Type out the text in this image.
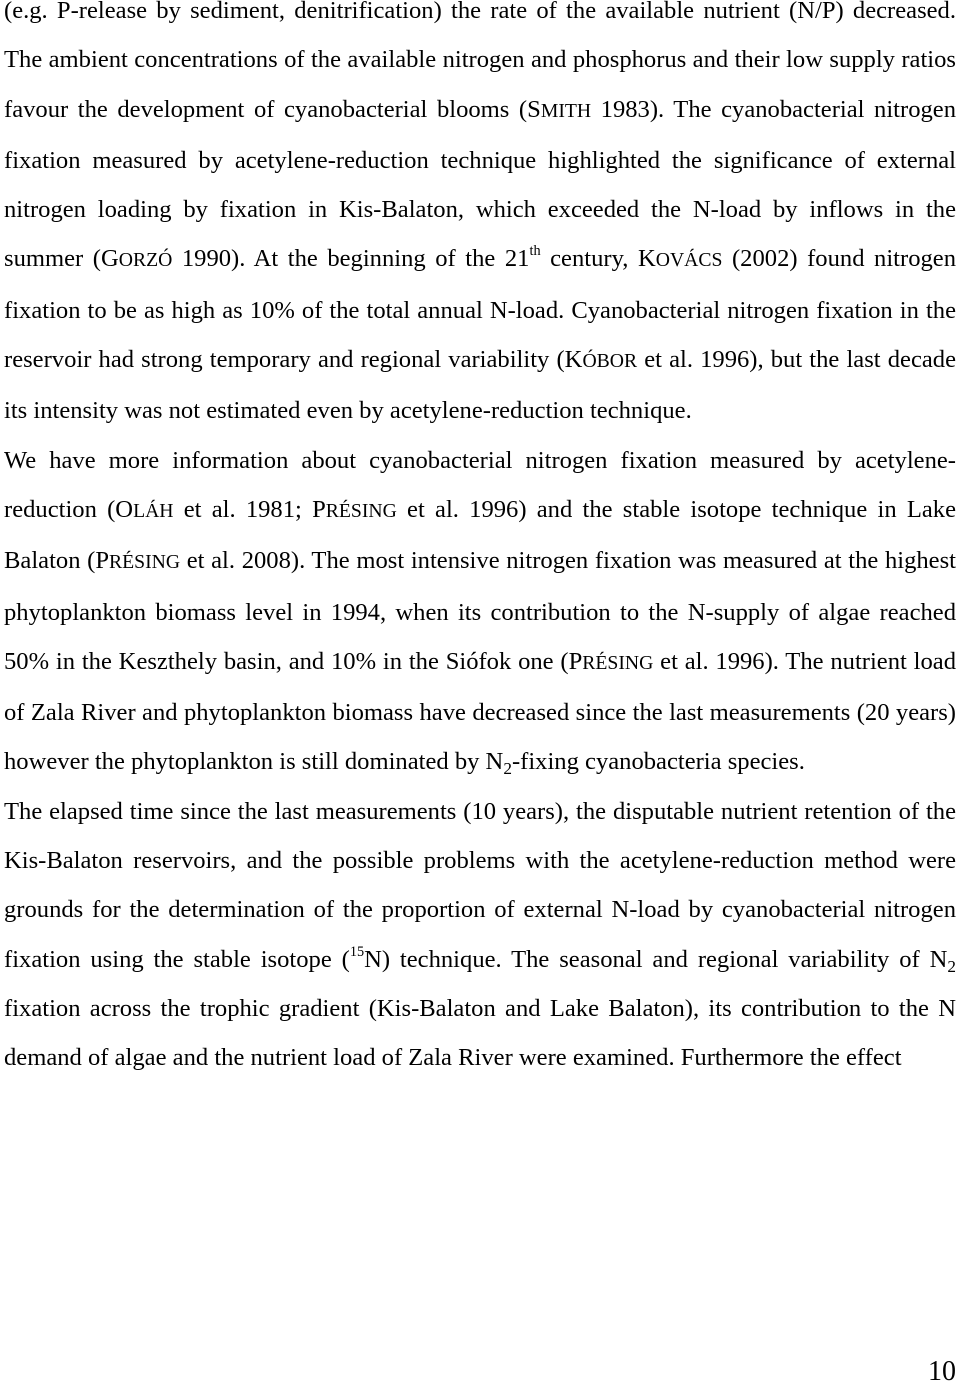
(e.g. P-release by sediment, denitrification) the rate of the available nutrient (N/P) decreased. The ambient concentrations of the available nitrogen and phosphorus and their low supply ratios favour the development of cyanobacterial blooms (SMITH 1983). The cyanobacterial nitrogen fixation measured by acetylene-reduction technique highlighted the significance of external nitrogen loading by fixation in Kis-Balaton, which exceeded the N-load by inflows in the summer (GORZÓ 1990). At the beginning of the 21th century, KOVÁCS (2002) found nitrogen fixation to be as high as 10% of the total annual N-load. Cyanobacterial nitrogen fixation in the reservoir had strong temporary and regional variability (KÓBOR et al. 1996), but the last decade its intensity was not estimated even by acetylene-reduction technique.

We have more information about cyanobacterial nitrogen fixation measured by acetylene-reduction (OLÁH et al. 1981; PRÉSING et al. 1996) and the stable isotope technique in Lake Balaton (PRÉSING et al. 2008). The most intensive nitrogen fixation was measured at the highest phytoplankton biomass level in 1994, when its contribution to the N-supply of algae reached 50% in the Keszthely basin, and 10% in the Siófok one (PRÉSING et al. 1996). The nutrient load of Zala River and phytoplankton biomass have decreased since the last measurements (20 years) however the phytoplankton is still dominated by $N_2$-fixing cyanobacteria species.

The elapsed time since the last measurements (10 years), the disputable nutrient retention of the Kis-Balaton reservoirs, and the possible problems with the acetylene-reduction method were grounds for the determination of the proportion of external N-load by cyanobacterial nitrogen fixation using the stable isotope ($^{15}$N) technique. The seasonal and regional variability of $N_2$ fixation across the trophic gradient (Kis-Balaton and Lake Balaton), its contribution to the N demand of algae and the nutrient load of Zala River were examined. Furthermore the effect

10
